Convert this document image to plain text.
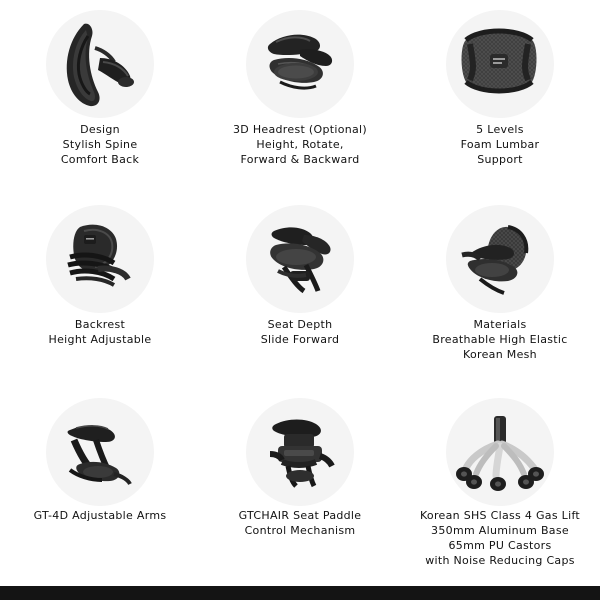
Design
Stylish Spine
Comfort Back
3D Headrest (Optional)
Height, Rotate,
Forward & Backward
5 Levels
Foam Lumbar
Support
Backrest
Height Adjustable
Seat Depth
Slide Forward
Materials
Breathable High Elastic
Korean Mesh
GT-4D Adjustable Arms	GTCHAIR Seat Paddle
Control Mechanism
Korean SHS Class 4 Gas Lift
350mm Aluminum Base
65mm PU Castors
with Noise Reducing Caps
